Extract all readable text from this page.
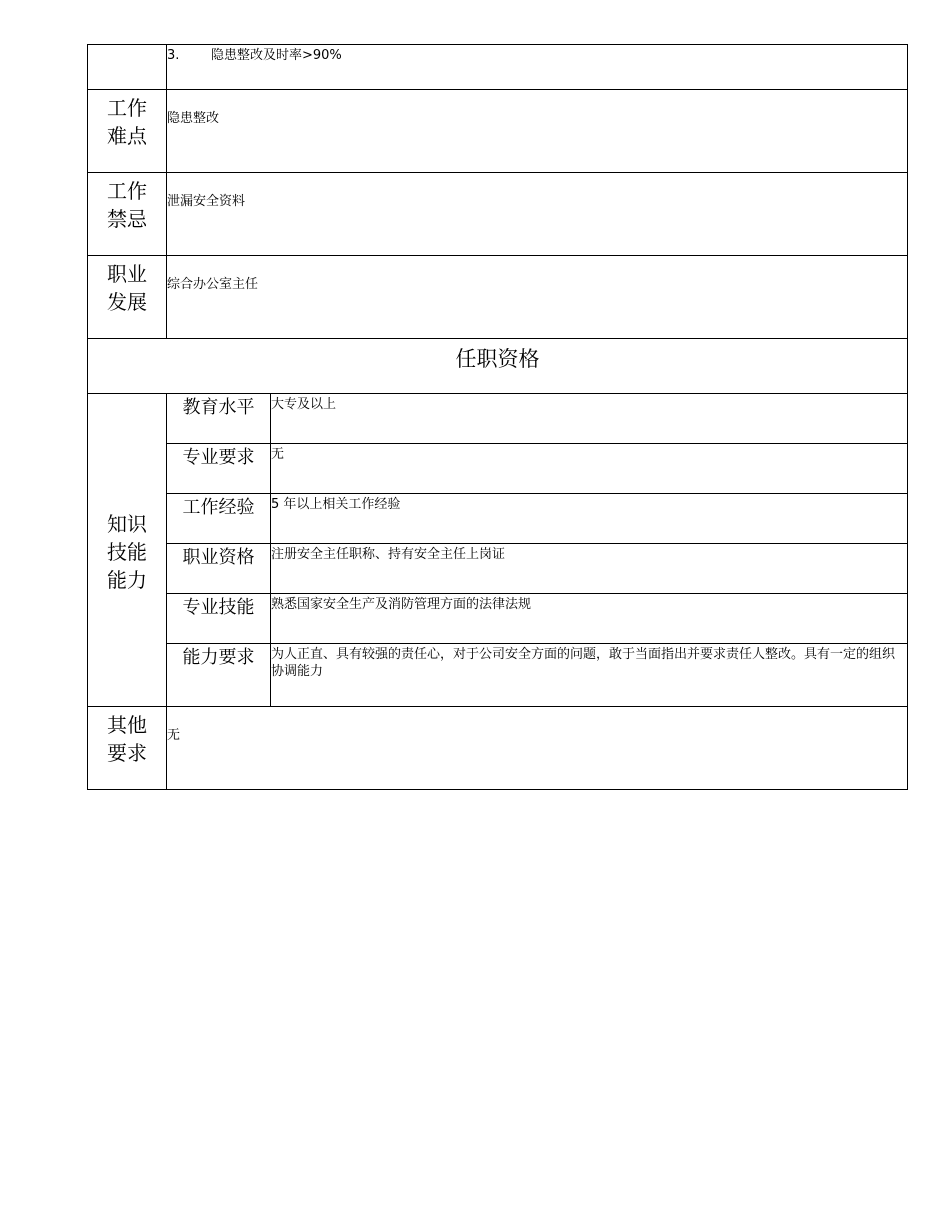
	3. 隐患整改及时率>90%	
工作难点	隐患整改	
工作禁忌	泄漏安全资料	
职业发展	综合办公室主任	
任职资格		
知识技能能力	教育水平	大专及以上
	专业要求	无
	工作经验	5 年以上相关工作经验
	职业资格	注册安全主任职称、持有安全主任上岗证
	专业技能	熟悉国家安全生产及消防管理方面的法律法规
	能力要求	为人正直、具有较强的责任心，对于公司安全方面的问题，敢于当面指出并要求责任人整改。具有一定的组织协调能力
其他要求	无	
